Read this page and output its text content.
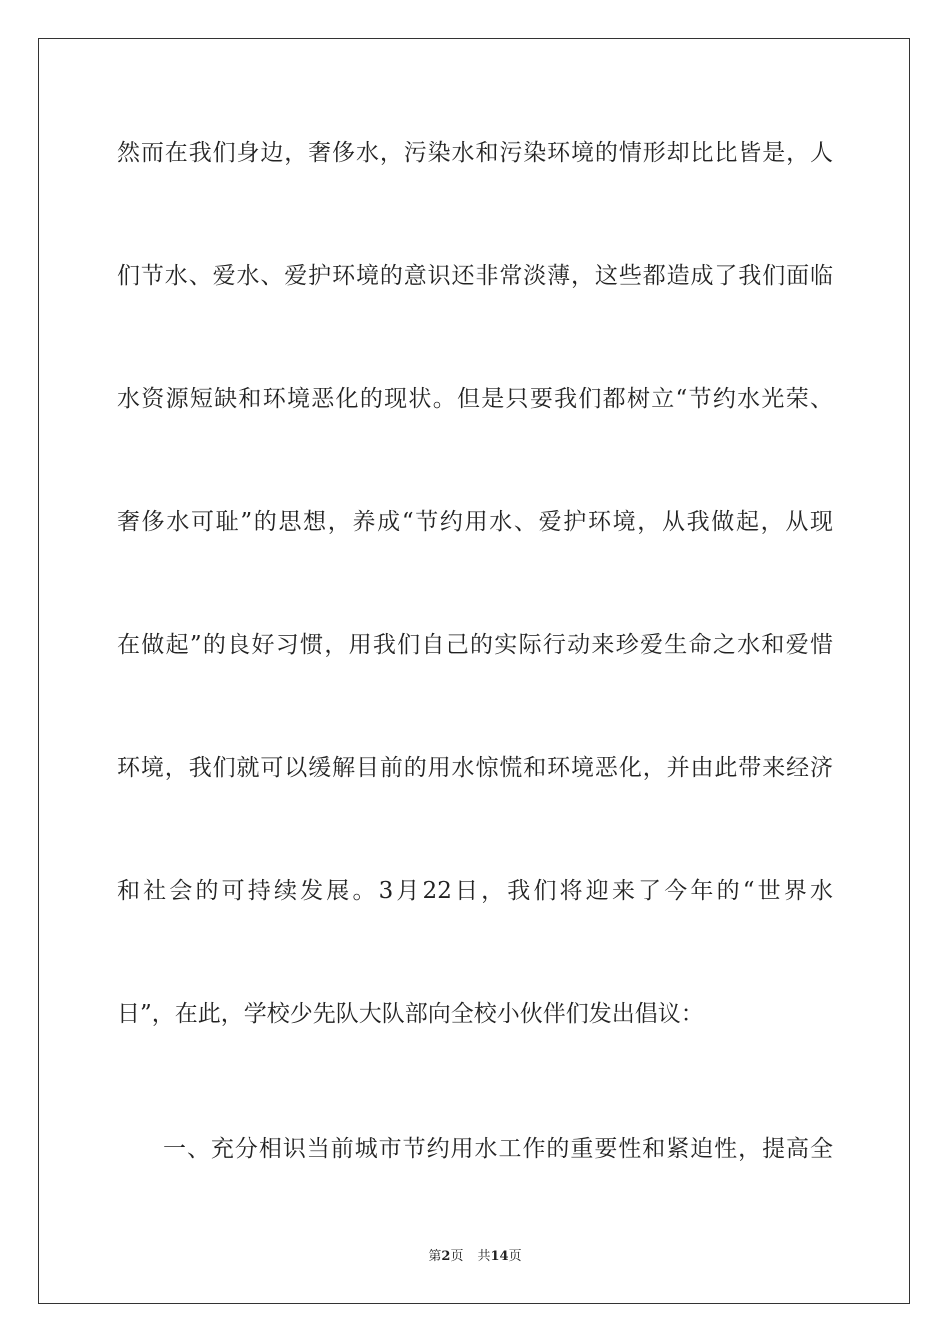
然而在我们身边，奢侈水，污染水和污染环境的情形却比比皆是，人
们节水、爱水、爱护环境的意识还非常淡薄，这些都造成了我们面临
水资源短缺和环境恶化的现状。但是只要我们都树立“节约水光荣、
奢侈水可耻”的思想，养成“节约用水、爱护环境，从我做起，从现
在做起”的良好习惯，用我们自己的实际行动来珍爱生命之水和爱惜
环境，我们就可以缓解目前的用水惊慌和环境恶化，并由此带来经济
和社会的可持续发展。3月22日，我们将迎来了今年的“世界水
日”，在此，学校少先队大队部向全校小伙伴们发出倡议：
一、充分相识当前城市节约用水工作的重要性和紧迫性，提高全
第2页 共14页
